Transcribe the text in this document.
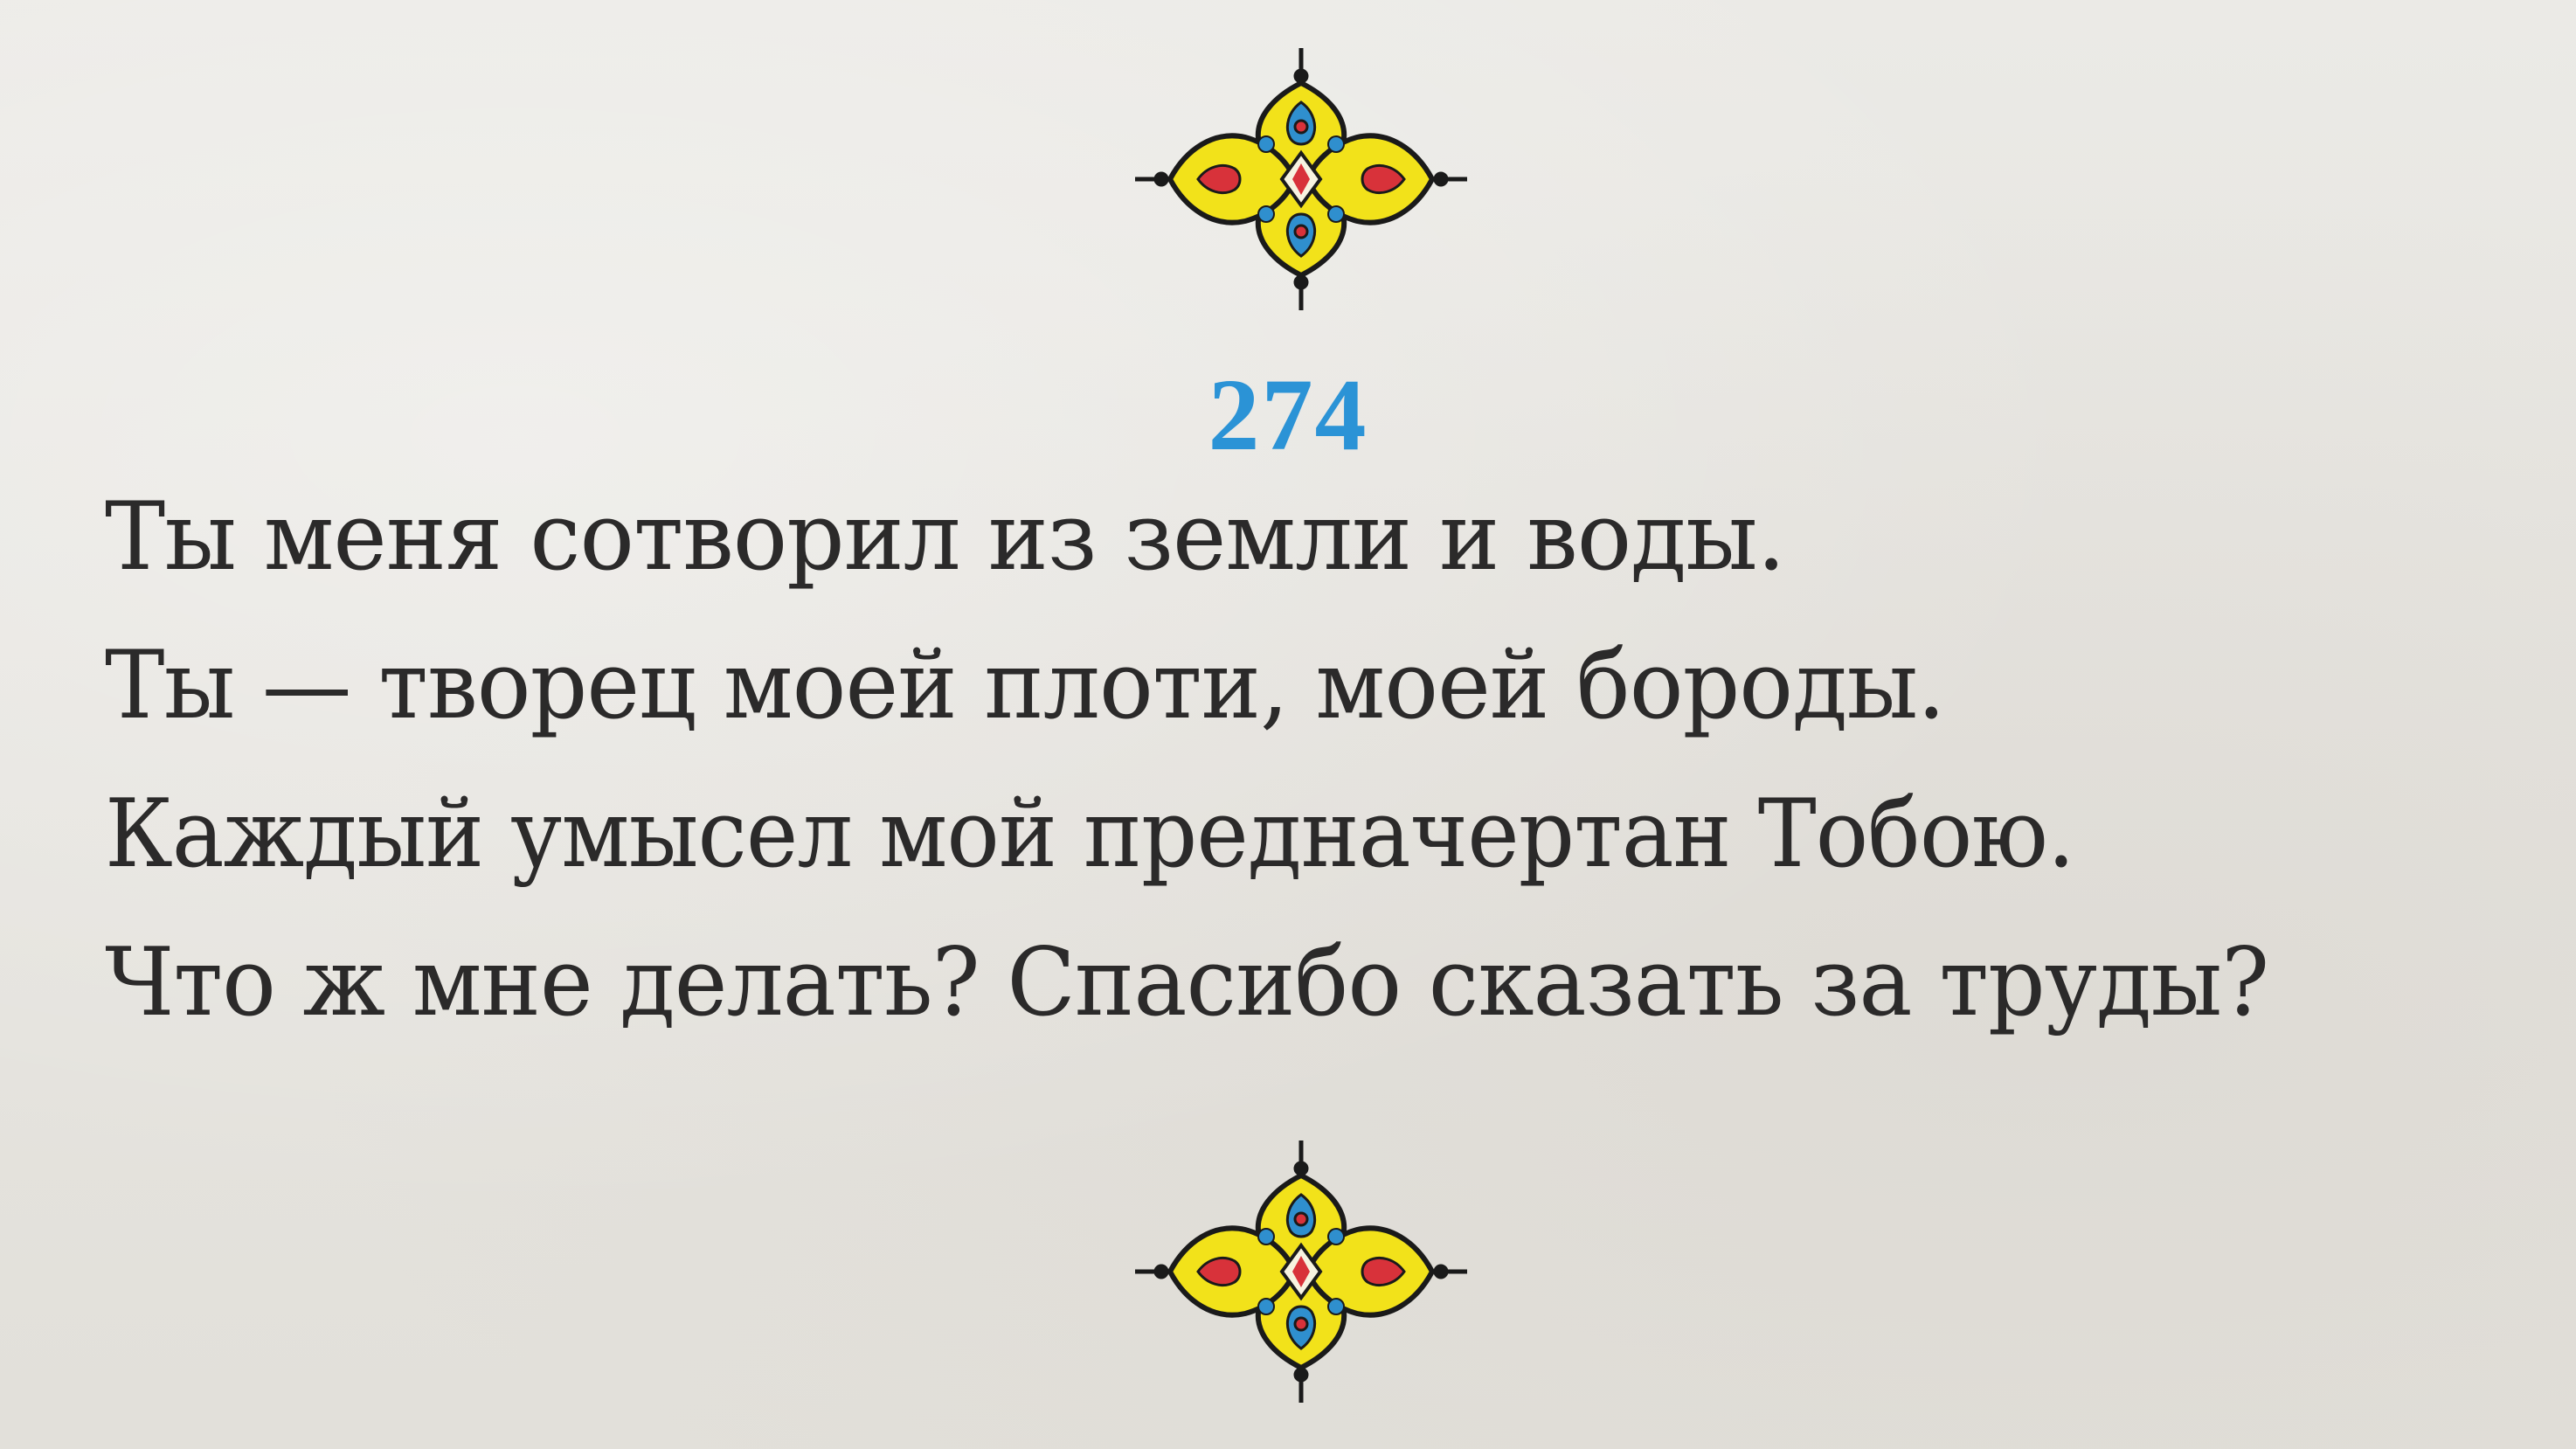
274
Ты меня сотворил из земли и воды.
Ты — творец моей плоти, моей бороды.
Каждый умысел мой предначертан Тобою.
Что ж мне делать? Спасибо сказать за труды?
